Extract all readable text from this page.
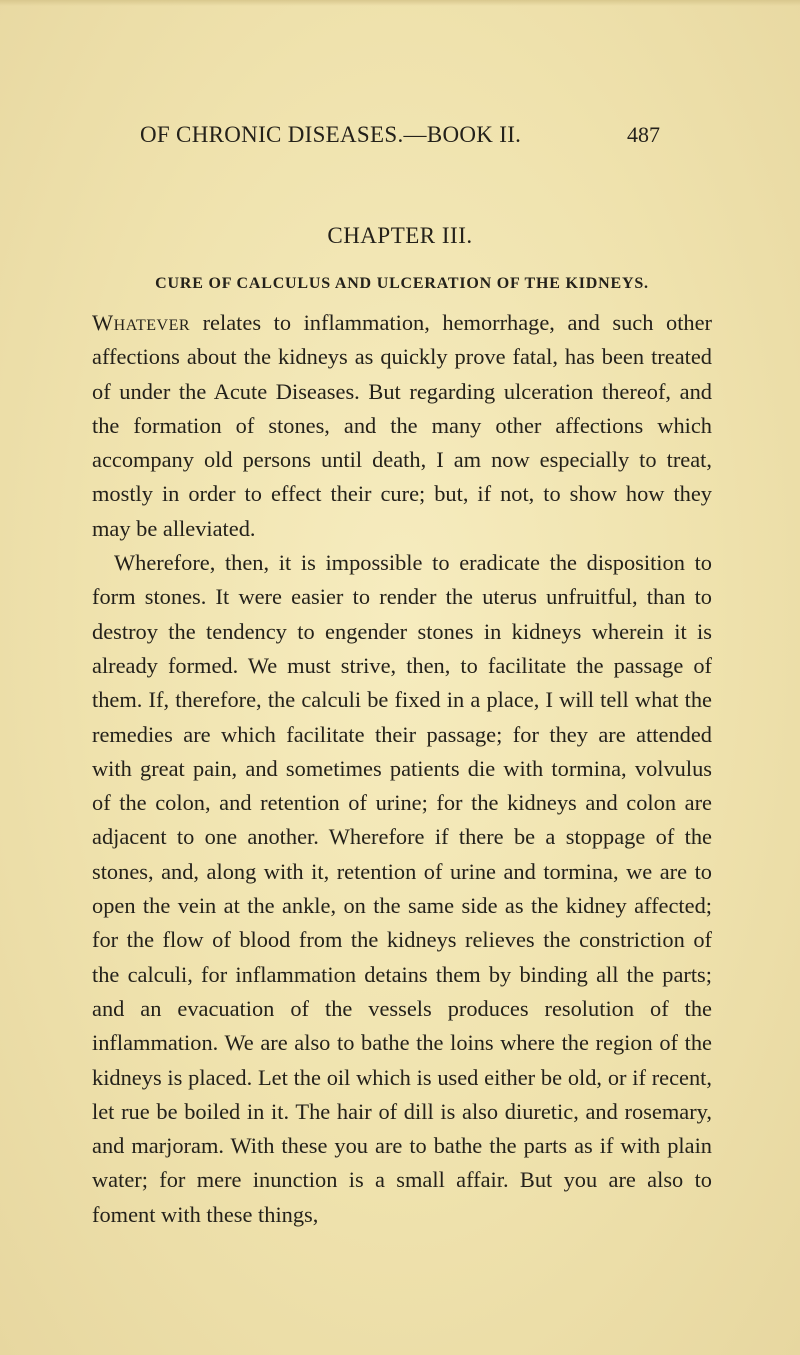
OF CHRONIC DISEASES.—BOOK II.	487
CHAPTER III.
CURE OF CALCULUS AND ULCERATION OF THE KIDNEYS.

Whatever relates to inflammation, hemorrhage, and such other affections about the kidneys as quickly prove fatal, has been treated of under the Acute Diseases. But regarding ulceration thereof, and the formation of stones, and the many other affections which accompany old persons until death, I am now especially to treat, mostly in order to effect their cure; but, if not, to show how they may be alleviated.

Wherefore, then, it is impossible to eradicate the disposition to form stones. It were easier to render the uterus unfruitful, than to destroy the tendency to engender stones in kidneys wherein it is already formed. We must strive, then, to facilitate the passage of them. If, therefore, the calculi be fixed in a place, I will tell what the remedies are which facilitate their passage; for they are attended with great pain, and sometimes patients die with tormina, volvulus of the colon, and retention of urine; for the kidneys and colon are adjacent to one another. Wherefore if there be a stoppage of the stones, and, along with it, retention of urine and tormina, we are to open the vein at the ankle, on the same side as the kidney affected; for the flow of blood from the kidneys relieves the constriction of the calculi, for inflammation detains them by binding all the parts; and an evacuation of the vessels produces resolution of the inflammation. We are also to bathe the loins where the region of the kidneys is placed. Let the oil which is used either be old, or if recent, let rue be boiled in it. The hair of dill is also diuretic, and rosemary, and marjoram. With these you are to bathe the parts as if with plain water; for mere inunction is a small affair. But you are also to foment with these things,
